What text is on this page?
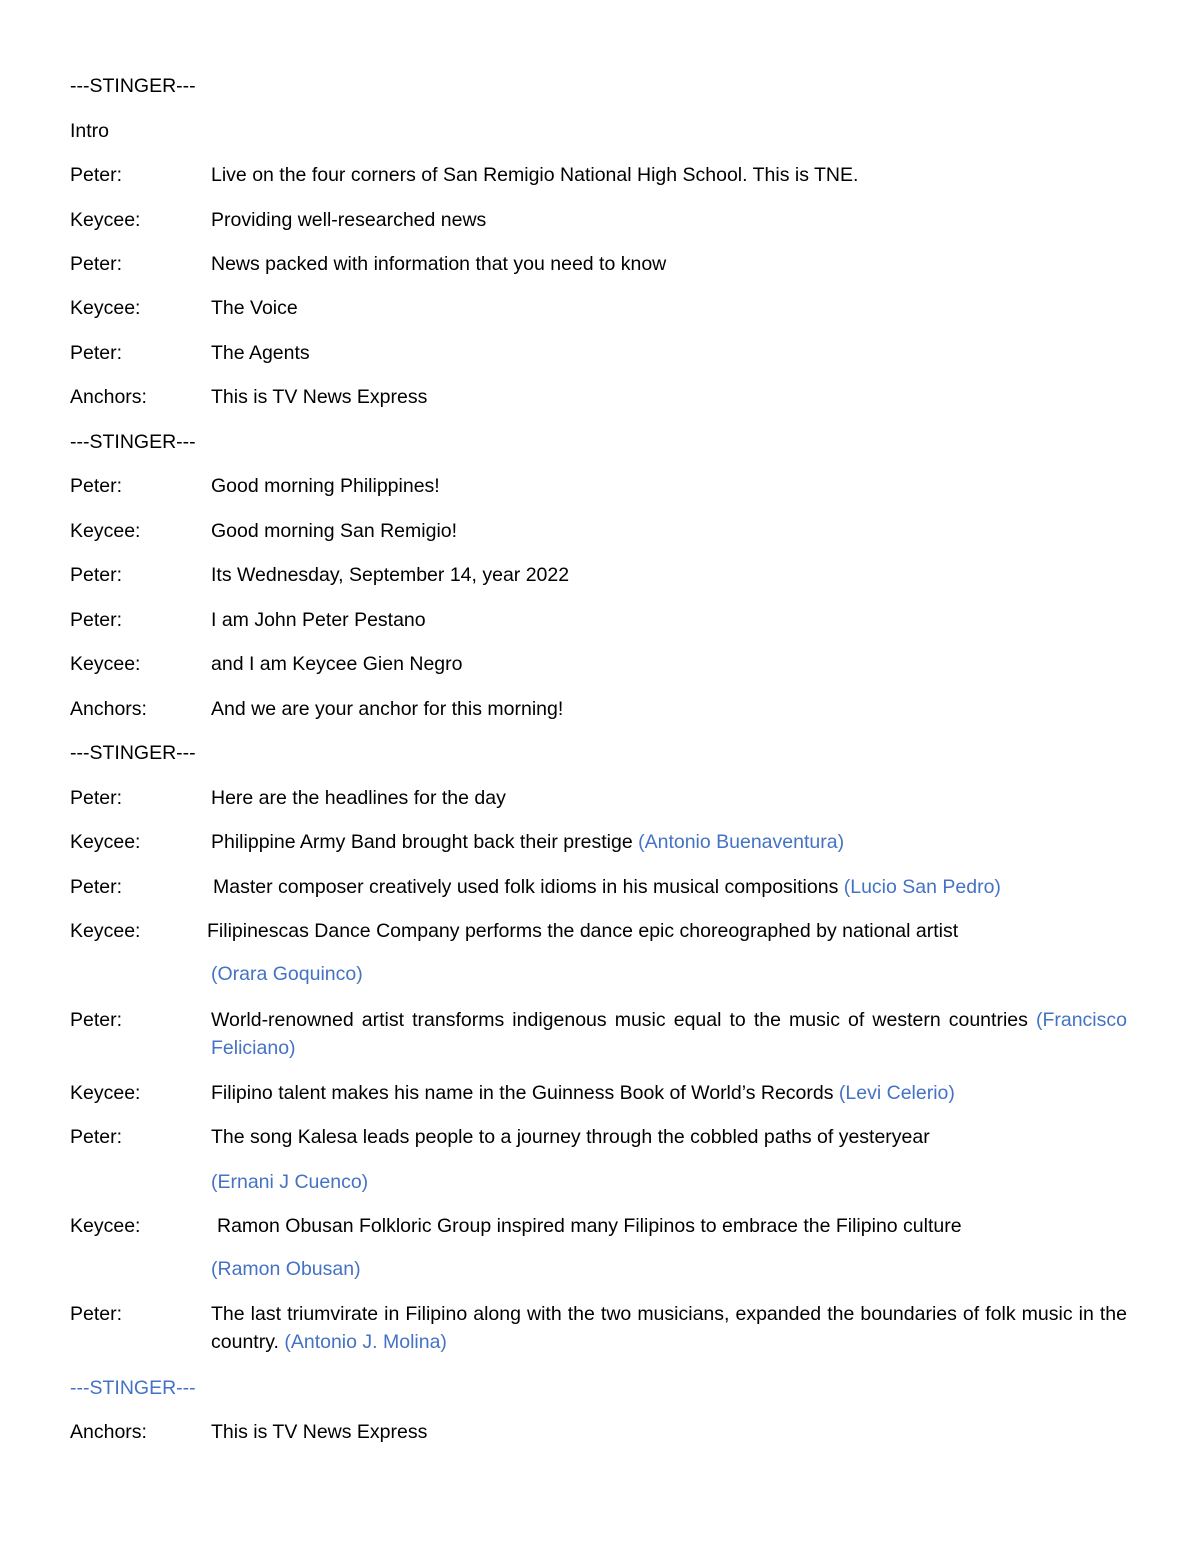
---STINGER---
Intro
Peter:	Live on the four corners of San Remigio National High School. This is TNE.
Keycee:	Providing well-researched news
Peter:	News packed with information that you need to know
Keycee:	The Voice
Peter:	The Agents
Anchors:	This is TV News Express
---STINGER---
Peter:	Good morning Philippines!
Keycee:	Good morning San Remigio!
Peter:	Its Wednesday, September 14, year 2022
Peter:	I am John Peter Pestano
Keycee:	and I am Keycee Gien Negro
Anchors:	And we are your anchor for this morning!
---STINGER---
Peter:	Here are the headlines for the day
Keycee:	Philippine Army Band brought back their prestige (Antonio Buenaventura)
Peter:	Master composer creatively used folk idioms in his musical compositions (Lucio San Pedro)
Keycee:	Filipinescas Dance Company performs the dance epic choreographed by national artist
(Orara Goquinco)
Peter:	World-renowned artist transforms indigenous music equal to the music of western countries (Francisco Feliciano)
Keycee:	Filipino talent makes his name in the Guinness Book of World’s Records (Levi Celerio)
Peter:	The song Kalesa leads people to a journey through the cobbled paths of yesteryear
(Ernani J Cuenco)
Keycee:	Ramon Obusan Folkloric Group inspired many Filipinos to embrace the Filipino culture
(Ramon Obusan)
Peter:	The last triumvirate in Filipino along with the two musicians, expanded the boundaries of folk music in the country. (Antonio J. Molina)
---STINGER---
Anchors:	This is TV News Express
